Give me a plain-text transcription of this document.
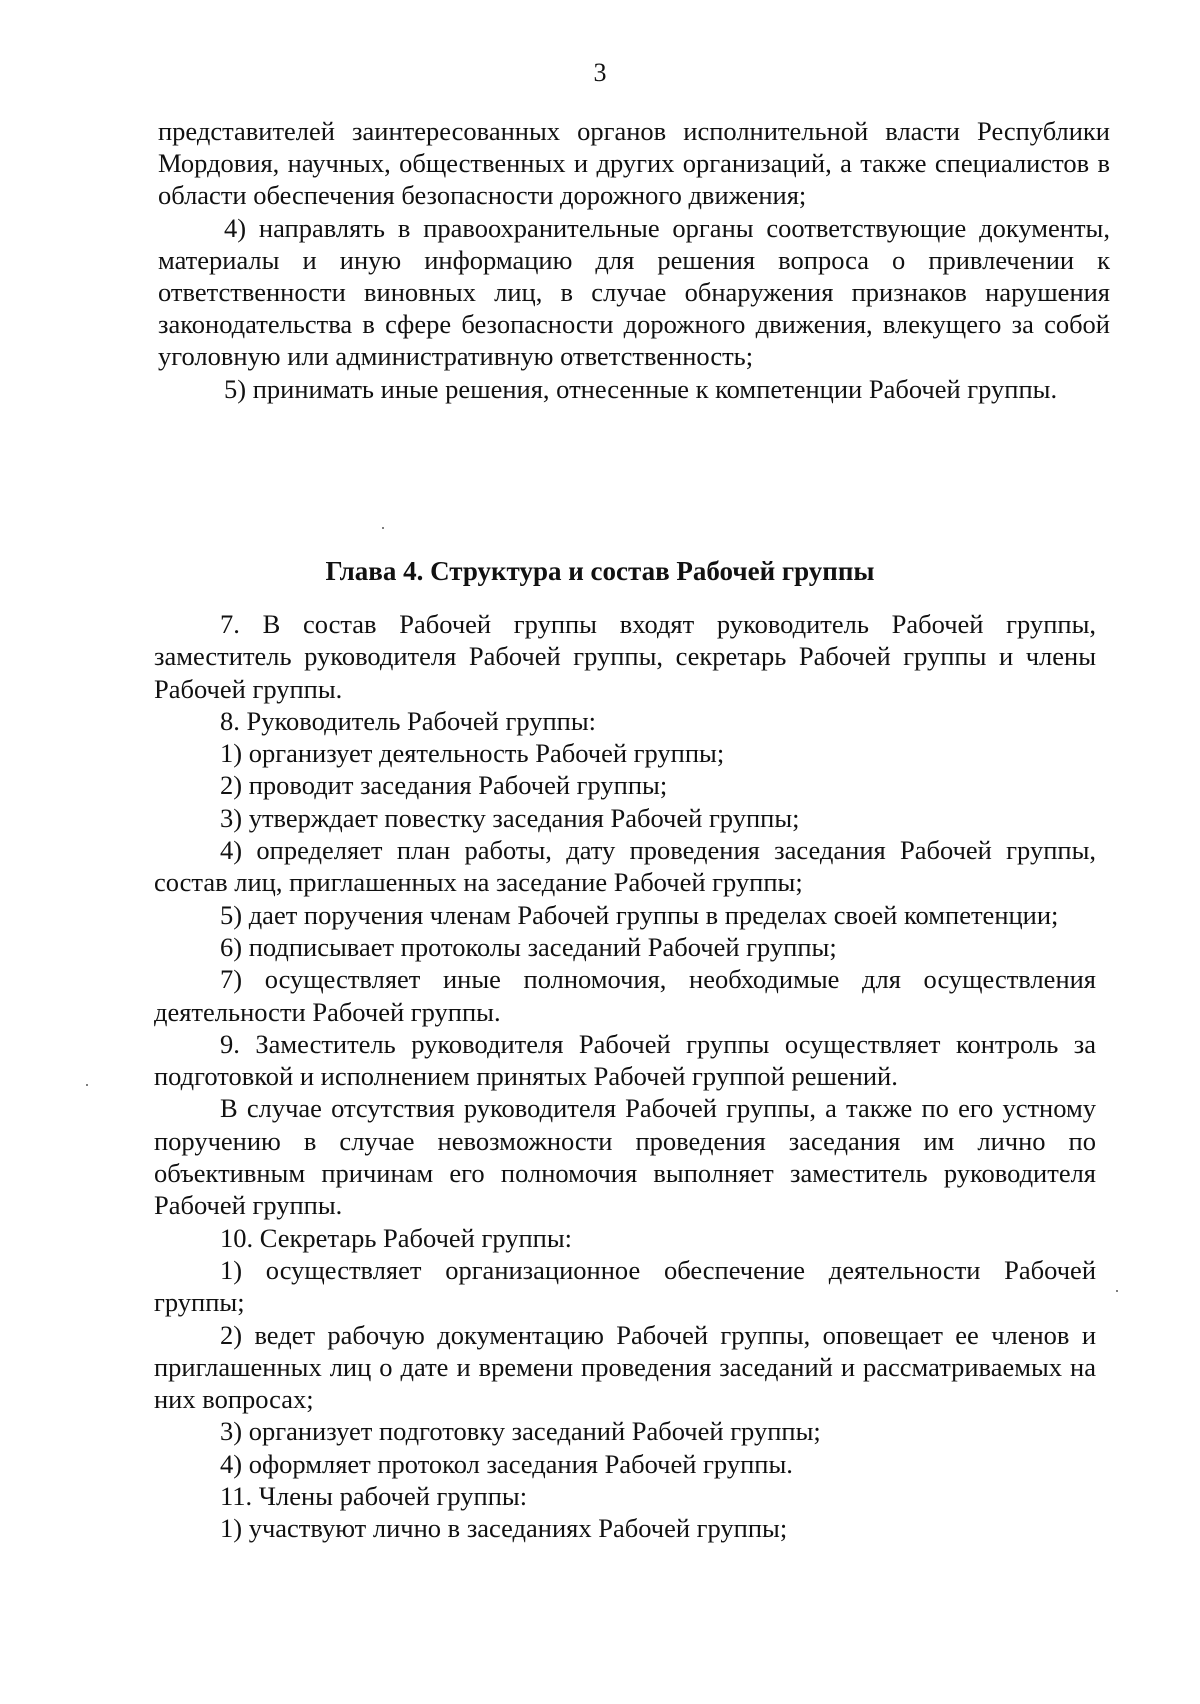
3

представителей заинтересованных органов исполнительной власти Республики Мордовия, научных, общественных и других организаций, а также специалистов в области обеспечения безопасности дорожного движения;

4) направлять в правоохранительные органы соответствующие документы, материалы и иную информацию для решения вопроса о привлечении к ответственности виновных лиц, в случае обнаружения признаков нарушения законодательства в сфере безопасности дорожного движения, влекущего за собой уголовную или административную ответственность;

5) принимать иные решения, отнесенные к компетенции Рабочей группы.

Глава 4. Структура и состав Рабочей группы

7. В состав Рабочей группы входят руководитель Рабочей группы, заместитель руководителя Рабочей группы, секретарь Рабочей группы и члены Рабочей группы.

8. Руководитель Рабочей группы:

1) организует деятельность Рабочей группы;

2) проводит заседания Рабочей группы;

3) утверждает повестку заседания Рабочей группы;

4) определяет план работы, дату проведения заседания Рабочей группы, состав лиц, приглашенных на заседание Рабочей группы;

5) дает поручения членам Рабочей группы в пределах своей компетенции;

6) подписывает протоколы заседаний Рабочей группы;

7) осуществляет иные полномочия, необходимые для осуществления деятельности Рабочей группы.

9. Заместитель руководителя Рабочей группы осуществляет контроль за подготовкой и исполнением принятых Рабочей группой решений.

В случае отсутствия руководителя Рабочей группы, а также по его устному поручению в случае невозможности проведения заседания им лично по объективным причинам его полномочия выполняет заместитель руководителя Рабочей группы.

10. Секретарь Рабочей группы:

1) осуществляет организационное обеспечение деятельности Рабочей группы;

2) ведет рабочую документацию Рабочей группы, оповещает ее членов и приглашенных лиц о дате и времени проведения заседаний и рассматриваемых на них вопросах;

3) организует подготовку заседаний Рабочей группы;

4) оформляет протокол заседания Рабочей группы.

11. Члены рабочей группы:

1) участвуют лично в заседаниях Рабочей группы;
